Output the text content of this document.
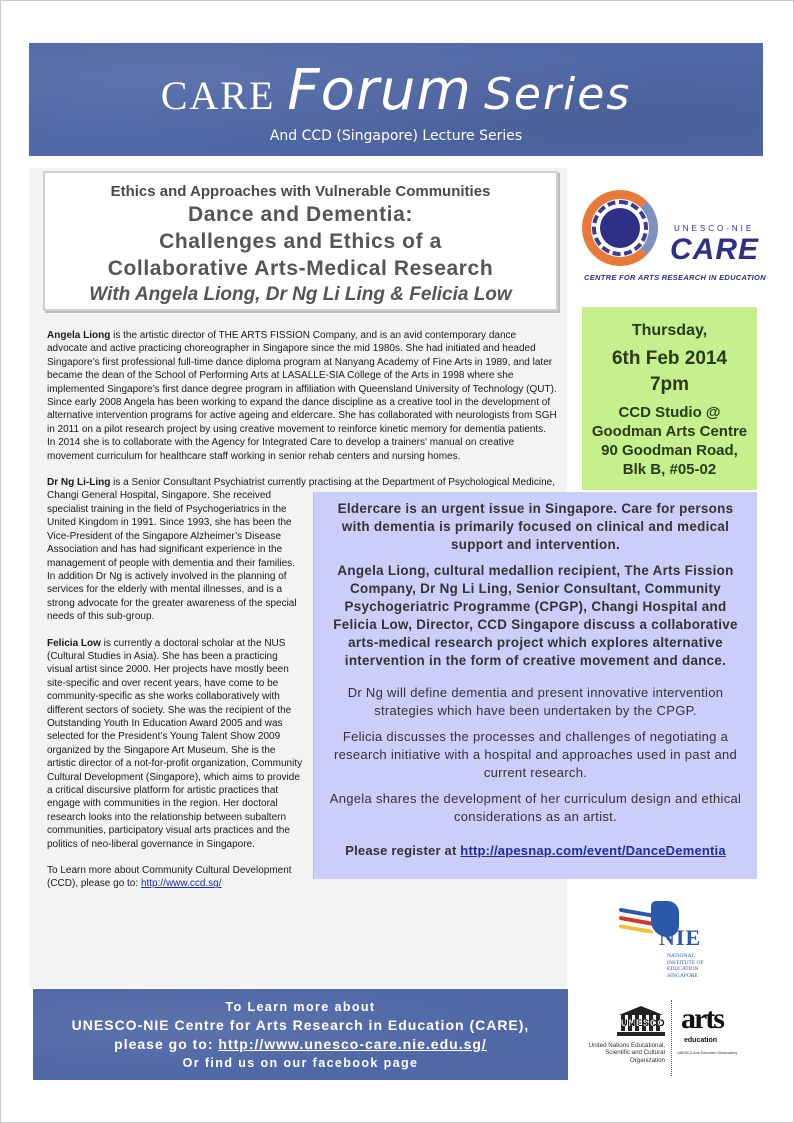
CARE Forum Series
And CCD (Singapore) Lecture Series
Ethics and Approaches with Vulnerable Communities
Dance and Dementia:
Challenges and Ethics of a
Collaborative Arts-Medical Research
With Angela Liong, Dr Ng Li Ling & Felicia Low
UNESCO-NIE
CARE
CENTRE FOR ARTS RESEARCH IN EDUCATION
Thursday,
6th Feb 2014
7pm
CCD Studio @
Goodman Arts Centre
90 Goodman Road,
Blk B, #05-02
Eldercare is an urgent issue in Singapore. Care for persons with dementia is primarily focused on clinical and medical support and intervention.
Angela Liong, cultural medallion recipient, The Arts Fission Company, Dr Ng Li Ling, Senior Consultant, Community Psychogeriatric Programme (CPGP), Changi Hospital and Felicia Low, Director, CCD Singapore discuss a collaborative arts-medical research project which explores alternative intervention in the form of creative movement and dance.
Dr Ng will define dementia and present innovative intervention strategies which have been undertaken by the CPGP.
Felicia discusses the processes and challenges of negotiating a research initiative with a hospital and approaches used in past and current research.
Angela shares the development of her curriculum design and ethical considerations as an artist.
Please register at http://apesnap.com/event/DanceDementia

Angela Liong is the artistic director of THE ARTS FISSION Company, and is an avid contemporary dance advocate and active practicing choreographer in Singapore since the mid 1980s. She had initiated and headed Singapore’s first professional full-time dance diploma program at Nanyang Academy of Fine Arts in 1989, and later became the dean of the School of Performing Arts at LASALLE-SIA College of the Arts in 1998 where she implemented Singapore’s first dance degree program in affiliation with Queensland University of Technology (QUT). Since early 2008 Angela has been working to expand the dance discipline as a creative tool in the development of alternative intervention programs for active ageing and eldercare. She has collaborated with neurologists from SGH in 2011 on a pilot research project by using creative movement to reinforce kinetic memory for dementia patients. In 2014 she is to collaborate with the Agency for Integrated Care to develop a trainers' manual on creative movement curriculum for healthcare staff working in senior rehab centers and nursing homes.

Dr Ng Li-Ling is a Senior Consultant Psychiatrist currently practising at the Department of Psychological Medicine, Changi General Hospital, Singapore. She received specialist training in the field of Psychogeriatrics in the United Kingdom in 1991. Since 1993, she has been the Vice-President of the Singapore Alzheimer’s Disease Association and has had significant experience in the management of people with dementia and their families. In addition Dr Ng is actively involved in the planning of services for the elderly with mental illnesses, and is a strong advocate for the greater awareness of the special needs of this sub-group.

Felicia Low is currently a doctoral scholar at the NUS (Cultural Studies in Asia). She has been a practicing visual artist since 2000. Her projects have mostly been site-specific and over recent years, have come to be community-specific as she works collaboratively with different sectors of society. She was the recipient of the Outstanding Youth In Education Award 2005 and was selected for the President’s Young Talent Show 2009 organized by the Singapore Art Museum. She is the artistic director of a not-for-profit organization, Community Cultural Development (Singapore), which aims to provide a critical discursive platform for artistic practices that engage with communities in the region. Her doctoral research looks into the relationship between subaltern communities, participatory visual arts practices and the politics of neo-liberal governance in Singapore.

To Learn more about Community Cultural Development (CCD), please go to: http://www.ccd.sg/

To Learn more about
UNESCO-NIE Centre for Arts Research in Education (CARE),
please go to: http://www.unesco-care.nie.edu.sg/
Or find us on our facebook page
NIE
NATIONAL INSTITUTE OF EDUCATION SINGAPORE
UNESCO
United Nations Educational, Scientific and Cultural Organization
arts
education
UNESCO Arts Education Observatory
